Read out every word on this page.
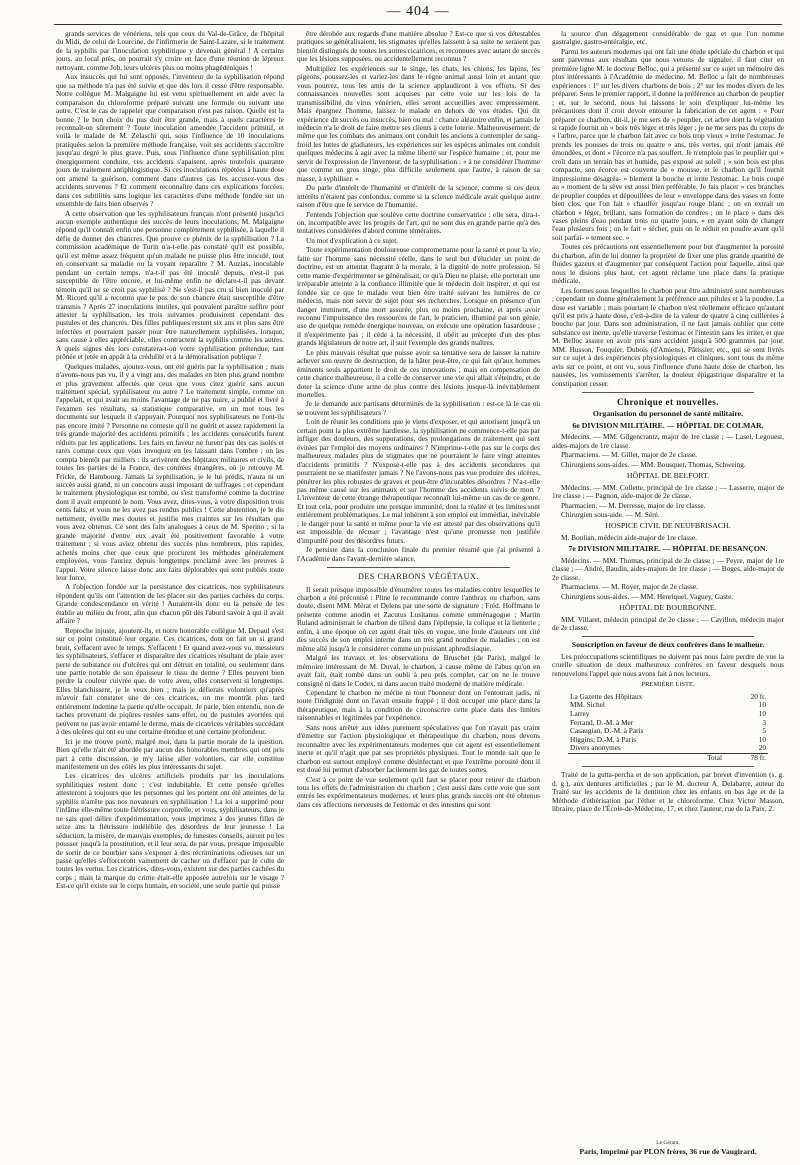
— 404 —

grands services de vénériens, tels que ceux du Val-de-Grâce, de l'hôpital du Midi, de celui de Lourcine, de l'infirmerie de Saint-Lazare, si le traitement de la syphilis par l'inoculation syphilitique y devenait général ! A certains jours, au local près, on pourrait s'y croire en face d'une réunion de lépreux nettoyant, comme Job, leurs ulcères plus ou moins phagédéniques !

Aux insuccès qui lui sont opposés, l'inventeur de la syphilisation répond que sa méthode n'a pas été suivie et que dès lors il cesse d'être responsable. Notre collègue M. Malgaigne lui est venu spirituellement en aide avec la comparaison du chloroforme préparé suivant une formule ou suivant une autre. C'est le cas de rappeler que comparaison n'est pas raison. Quelle est la bonne ? le bon choix du pus doit être grande, mais à quels caractères le reconnaît-on sûrement ? Toute inoculation amendée l'accident primitif, et voilà le malade de M. Zelaschi qui, sous l'influence de 10 inoculations pratiquées selon la première méthode française, voit ses accidents s'accroître jusqu'au degré le plus grave. Puis, sous l'influence d'une syphilisation plus énergiquement conduite, ces accidents s'apaisent, après toutefois quarante jours de traitement antiphlogistique. Si ces inoculations répétées à haute dose ont amené la guérison, comment dans d'autres cas les accusez-vous des accidents survenus ? Et comment reconnaître dans ces explications forcées, dans ces subtilités sans logique les caractères d'une méthode fondée sur un ensemble de faits bien observés ?

A cette observation que les syphilisateurs français n'ont présenté jusqu'ici aucun exemple authentique des succès de leurs inoculations, M. Malgaigne répond qu'il connaît enfin une personne complètement syphilisée, à laquelle il défie de donner des chancres. Que prouve ce phénix de la syphilisation ? La commission académique de Turin n'a-t-elle pas constaté qu'il est possible, qu'il est même assez fréquent qu'un malade ne puisse plus être inoculé, tout en conservant sa maladie ou la voyant reparaître ? M. Auzias, inoculable pendant un certain temps, n'a-t-il pas été inoculé depuis, n'est-il pas susceptible de l'être encore, et lui-même enfin ne déclare-t-il pas devant témoin qu'il ne se croit pas syphilisé ? Ne s'est-il pas cru si bien inoculé par M. Ricord qu'il a reconnu que le pus de son chancre était susceptible d'être transmis ? Après 27 inoculations inutiles, qui pouvaient paraître suffire pour attester la syphilisation, les trois suivantes produisirent cependant des pustules et des chancres. Des filles publiques restent six ans et plus sans être infectées et pourraient passer pour être naturellement syphilisées, lorsque, sans cause à elles appréciable, elles contractent la syphilis comme les autres. A quels signes dès lors constatera-t-on votre syphilisation prétendue, tant prônée et jetée en appât à la crédulité et à la démoralisation publique ?

Quelques malades, ajoutez-vous, ont été guéris par la syphilisation ; mais n'avons-nous pas vu, il y a vingt ans, des malades en bien plus grand nombre et plus gravement affectés que ceux que vous citez guérir sans aucun traitement spécial, syphilisateur ou autre ? Le traitement simple, comme on l'appelait, et qui avait au moins l'avantage de ne pas nuire, a publié et livré à l'examen ses résultats, sa statistique comparative, en un mot tous les documents sur lesquels il s'appuyait. Pourquoi nos syphilisateurs ne l'ont-ils pas encore imité ? Personne ne conteste qu'il ne guérit et assez rapidement la très grande majorité des accidents primitifs ; les accidents consécutifs furent réduits par les applications. Les faits en faveur ne furent pas des cas isolés et rares comme ceux que vous invoquez en les laissant dans l'ombre ; on les compta bientôt par milliers : ils arrivèrent des hôpitaux militaires et civils, de toutes les parties de la France, des contrées étrangères, où je retrouve M. Fricke, de Hambourg. Jamais la syphilisation, je le lui prédis, n'aura ni un succès aussi grand, ni un concours aussi imposant de suffrages ; et cependant le traitement physiologique est tombé, ou s'est transformé comme la doctrine dont il avait emprunté le nom. Vous avez, dites-vous, à votre disposition trois cents faits, et vous ne les avez pas rendus publics ! Cette abstention, je le dis nettement, éveille mes doutes et justifie mes craintes sur les résultats que vous avez obtenus. Ce sont des faits analogues à ceux de M. Sperino ; si la grande majorité d'entre eux avait été positivement favorable à votre traitement ; si vous aviez obtenu des succès plus nombreux, plus rapides, achetés moins cher que ceux que procurent les méthodes généralement employées, vous l'auriez depuis longtemps proclamé avec les preuves à l'appui. Votre silence laisse donc aux faits déplorables qui sont publiés toute leur force.

A l'objection fondée sur la persistance des cicatrices, nos syphilisateurs répondent qu'ils ont l'attention de les placer sur des parties cachées du corps. Grande condescendance en vérité ! Auraient-ils donc eu la pensée de les établir au milieu du front, afin que chacun pût dès l'abord savoir à qui il avait affaire ?

Reproche injuste, ajoutent-ils, et notre honorable collègue M. Depaul s'est sur ce point constitué leur organe. Ces cicatrices, dont on fait un si grand bruit, s'effacent avec le temps. S'effacent ! Et quand avez-vous vu, messieurs les syphilisateurs, s'effacer et disparaître des cicatrices résultant de plaie avec perte de substance ou d'ulcères qui ont détruit en totalité, ou seulement dans une partie notable de son épaisseur le tissu du derme ? Elles peuvent bien perdre la couleur cuivrée que, de votre aveu, elles conservent si longtemps. Elles blanchissent, je le veux bien ; mais je défierais volontiers qu'après m'avoir fait constater une de ces cicatrices, on me montrât plus tard entièrement indemne la partie qu'elle occupait. Je parle, bien entendu, non de taches provenant de piqûres restées sans effet, ou de pustules avortées qui peuvent ne pas avoir entamé le derme, mais de cicatrices véritables succédant à des ulcères qui ont eu une certaine étendue et une certaine profondeur.

Ici je me trouve porté, malgré moi, dans la partie morale de la question. Bien qu'elle n'ait été abordée par aucun des honorables membres qui ont pris part à cette discussion, je m'y laisse aller volontiers, car elle constitue manifestement un des côtés les plus intéressants du sujet.

Les cicatrices des ulcères artificiels produits par les inoculations syphilitiques restent donc ; c'est indubitable. Et cette pensée qu'elles attesteront à toujours que les personnes qui les portent ont été atteintes de la syphilis n'arrête pas nos novateurs en syphilisation ! La loi a supprimé pour l'infâme elle-même toute flétrissure corporelle, et vous, syphilisateurs, dans je ne sais quel délire d'expérimentation, vous imprimez à des jeunes filles de seize ans la flétrissure indélébile des désordres de leur jeunesse ! La séduction, la misère, de mauvais exemples, de funestes conseils, auront pu les pousser jusqu'à la prostitution, et il leur sera, de par vous, presque impossible de sortir de ce bourbier sans s'exposer à des récriminations odieuses sur un passé qu'elles s'efforceront vainement de cacher ou d'effacer par le culte de toutes les vertus. Les cicatrices, dites-vous, existent sur des parties cachées du corps ; mais la marque du crime était-elle apposée autrefois sur le visage ? Est-ce qu'il existe sur le corps humain, en société, une seule partie qui puisse

être dérobée aux regards d'une manière absolue ? Est-ce que si vos détestables pratiques se généralisaient, les stigmates qu'elles laissent à sa suite ne seraient pas bientôt distingués de toutes les autres cicatrices, et reconnues avec autant de succès que les lésions supposées, ou accidentellement reconnus ?

Multipliez les expériences sur le singe, les chats, les chiens, les lapins, les pigeons, poussez-les et variez-les dans le règne animal aussi loin et autant que vous pourrez, tous les amis de la science applaudiront à vos efforts. Si des connaissances nouvelles sont acquises par cette voie sur les lois de la transmissibilité du virus vénérien, elles seront accueillies avec empressement. Mais épargnez l'homme, laissez le malade en dehors de vos études. Qui dit expérience dit succès ou insuccès, bien ou mal : chance aléatoire enfin, et jamais le médecin n'a le droit de faire mettre ses clients à cette loterie. Malheureusement, de même que les combats des animaux ont conduit les anciens à contempler de sang-froid les luttes de gladiateurs, les expériences sur les espèces animales ont conduit quelques médecins à agir avec la même liberté sur l'espèce humaine ; et, pour me servir de l'expression de l'inventeur, de la syphilisation : « à ne considérer l'homme que comme un gros singe, plus difficile seulement que l'autre, à raison de sa masse, à syphiliser. »

Du parle d'intérêt de l'humanité et d'intérêt de la science, comme si ces deux intérêts n'étaient pas confondus, comme si la science médicale avait quelque autre raison d'être que le service de l'humanité.

J'entends l'objection que soulève cette doctrine conservatrice : elle sera, dira-t-on, incompatible avec les progrès de l'art, qui ne sont dus en grande partie qu'à des tentatives considérées d'abord comme téméraires.

Un mot d'explication à ce sujet.

Toute expérimentation douloureuse compromettante pour la santé et pour la vie, faite sur l'homme sans nécessité réelle, dans le seul but d'élucider un point de doctrine, est un attentat flagrant à la morale, à la dignité de notre profession. Si cette manie d'expérimenter se généralisait, ce qu'à Dieu ne plaise, elle porterait une irréparable atteinte à la confiance illimitée que le médecin doit inspirer, et qui est fondée sur ce que le malade veut bien être traité suivant les lumières de ce médecin, mais non servir de sujet pour ses recherches. Lorsque en présence d'un danger imminent, d'une mort assurée, plus ou moins prochaine, et après avoir reconnu l'impuissance des ressources de l'art, le praticien, illuminé par son génie, use de quelque remède énergique nouveau, on exécute une opération hasardeuse ; il n'expérimente pas ; il cède à la nécessité, il obéit au précepte d'un des plus grands législateurs de notre art, il suit l'exemple des grands maîtres.

Le plus mauvais résultat que puisse avoir sa tentative sera de laisser la nature achever son œuvre de destruction, de la hâter peut-être, ce qui fait qu'aux hommes éminents seuls appartient le droit de ces innovations ; mais en compensation de cette chance malheureuse, il a celle de conserver une vie qui allait s'éteindre, et de doter la science d'une arme de plus contre des lésions jusque-là inévitablement mortelles.

Je le demande aux partisans déterminés de la syphilisation : est-ce là le cas où se trouvent les syphilisateurs ?

Loin de réunir les conditions que je viens d'exposer, et qui autorisent jusqu'à un certain point la plus extrême hardiesse, la syphilisation ne commence-t-elle pas par infliger des douleurs, des suppurations, des prolongations de traitement qui sont évitées par l'emploi des moyens ordinaires ? N'imprime-t-elle pas sur le corps des malheureux malades plus de stigmates que ne pourraient le faire vingt atteintes d'accidents primitifs ? N'expose-t-elle pas à des accidents secondaires qui pourraient ne se manifester jamais ? Ne l'avons-nous pas vue produire des ulcères, pénétrer les plus robustes de graves et peut-être d'incurables désordres ? N'a-t-elle pas même causé sur les animaux et sur l'homme des accidents suivis de mort ? L'inventeur de cette étrange thérapeutique reconnaît lui-même un cas de ce genre. Et tout cela, pour produire une presque immunité, dont la réalité et les limites sont entièrement problématiques. Le mal inhérent à son emploi est immédiat, inévitable ; le danger pour la santé et même pour la vie est attesté par des observations qu'il est impossible de récuser ; l'avantage n'est qu'une promesse non justifiée d'impunité pour des désordres futurs.

Je persiste dans la conclusion finale du premier résumé que j'ai présenté à l'Académie dans l'avant-dernière séance.

DES CHARBONS VÉGÉTAUX.

Il serait presque impossible d'énumérer toutes les maladies contre lesquelles le charbon a été préconisé : Pline le recommande contre l'anthrax ou charbon, sans doute, disent MM. Mérat et Delens par une sorte de signature ; Fréd. Hoffmann le présente comme anodin et Zacutus Lusitanus comme emménagogue ; Martin Ruland administrait le charbon de tilleul dans l'épilepsie, la colique et la lienterie ; enfin, à une époque où cet agent était très en vogue, une foule d'auteurs ont cité des succès de son emploi interne dans un très grand nombre de maladies ; on est même allé jusqu'à le considérer comme un puissant aphrodisiaque.

Malgré les travaux et les observations de Bruschet (de Paris), malgré le mémoire intéressant de M. Duval, le charbon, à cause même de l'abus qu'on en avait fait, était tombé dans un oubli à peu près complet, car on ne le trouve consigné ni dans le Codex, ni dans aucun traité moderne de matière médicale.

Cependant le charbon ne mérite ni tout l'honneur dont on l'entourait jadis, ni toute l'indignité dont on l'avait ensuite frappé ; il doit occuper une place dans la thérapeutique, mais à la condition de circonscrire cette place dans des limites raisonnables et légitimées par l'expérience.

Sans nous arrêter aux idées purement spéculatives que l'on n'avait pas craint d'émettre sur l'action physiologique et thérapeutique du charbon, nous devons reconnaître avec les expérimentateurs modernes que cet agent est essentiellement inerte et qu'il n'agit que par ses propriétés physiques. Tout le monde sait que le charbon est surtout employé comme désinfectant et que l'extrême porosité dont il est doué lui permet d'absorber facilement les gaz de toutes sortes.

C'est à ce point de vue seulement qu'il faut se placer pour retirer du charbon tous les effets de l'administration du charbon ; c'est aussi dans cette voie que sont entrés les expérimentateurs modernes, et leurs plus grands succès ont été obtenus dans ces affections nerveuses de l'estomac et des intestins qui sont

la source d'un dégagement considérable de gaz et que l'on nomme gastralgie, gastro-entéralgie, etc.

Parmi les auteurs modernes qui ont fait une étude spéciale du charbon et qui sont parvenus aux résultats que nous venons de signaler, il faut citer en première ligne M. le docteur Belloc, qui a présenté sur ce sujet un mémoire des plus intéressants à l'Académie de médecine. M. Belloc a fait de nombreuses expériences : 1° sur les divers charbons de bois ; 2° sur les modes divers de les préparer. Sous le premier rapport, il donne la préférence au charbon de peuplier ; et, sur le second, nous lui laissons le soin d'expliquer lui-même les précautions dont il croit devoir entourer la fabrication de cet agent : « Pour préparer ce charbon, dit-il, je me sers de » peuplier, cet arbre dont la végétation si rapide fournit un » bois très léger et très léger ; je ne me sers pas du corps de » l'arbre, parce que le charbon fait avec ce bois trop vieux » irrite l'estomac. Je prends les pousses de trois ou quatre » ans, très vertes, qui n'ont jamais été émondées, et dont » l'écorce n'a pas souffert. Je n'emploie pas le peuplier qui » croît dans un terrain bas et humide, pas exposé au soleil ; » son bois est plus compacte, son écorce est couverte de » mousse, et le charbon qu'il fournit impressionne désagréa- » blement la bouche et irrite l'estomac. Le bois coupé au » moment de la sève est aussi bien préférable. Je fais placer » ces branches de peuplier coupées et dépouillées de leur » enveloppe dans des vases en fonte bien clos, que l'on fait » chauffer jusqu'au rouge blanc ; on en extrait un charbon » léger, brillant, sans formation de cendres ; on le place » dans des vases pleins d'eau pendant trois ou quatre jours, » en ayant soin de changer l'eau plusieurs fois ; on le fait » sécher, puis on le réduit en poudre avant qu'il soit parfai- » tement sec. »

Toutes ces précautions ont essentiellement pour but d'augmenter la porosité du charbon, afin de lui donner la propriété de fixer une plus grande quantité de fluides gazeux et d'augmenter par conséquent l'action pour laquelle, ainsi que nous le disions plus haut, cet agent réclame une place dans la pratique médicale.

Les formes sous lesquelles le charbon peut être administré sont nombreuses ; cependant on donne généralement la préférence aux pilules et à la poudre. La dose est variable ; mais pourtant le charbon n'est réellement efficace qu'autant qu'il est pris à haute dose, c'est-à-dire de la valeur de quatre à cinq cuillerées à bouche par jour. Dans son administration, il ne faut jamais oublier que cette substance est inerte, qu'elle traverse l'estomac et l'intestin sans les irriter, et que M. Belloc assure en avoir pris sans accident jusqu'à 500 grammes par jour. MM. Husson, Fouquier, Dubois (d'Amiens), Pâtissier, etc., qui se sont livrés sur ce sujet à des expériences physiologiques et cliniques, sont tous du même avis sur ce point, et ont vu, sous l'influence d'une haute dose de charbon, les nausées, les vomissements s'arrêter, la douleur épigastrique disparaître et la constipation cesser.

Chronique et nouvelles.
Organisation du personnel de santé militaire.
6e DIVISION MILITAIRE. — HÔPITAL DE COLMAR.

Médecins. — MM. Gilgencrantz, major de 1re classe ; — Lasel, Legouest, aides-majors de 1re classe.

Pharmaciens. — M. Gillet, major de 2e classe.

Chirurgiens sous-aides. — MM. Bousquet, Thomas, Schweing.

HÔPITAL DE BELFORT.

Médecins. — MM. Collette, principal de 1re classe ; — Lasserre, major de 1re classe ; — Pagnon, aide-major de 2e classe.

Pharmacien. — M. Derresse, major de 1re classe.

Chirurgien sous-aide. — M. Séré.

HOSPICE CIVIL DE NEUFBRISACH.

M. Boulian, médecin aide-major de 1re classe.

7e DIVISION MILITAIRE. — HÔPITAL DE BESANÇON.

Médecins. — MM. Thomas, principal de 2e classe ; — Peyre, major de 1re classe ; — André, Baudin, aides-majors de 1re classe ; — Boges, aide-major de 2e classe.

Pharmaciens. — M. Royer, major de 2e classe.

Chirurgiens sous-aides. — MM. Henriquel, Vaguey, Gaste.

HÔPITAL DE BOURBONNE.

MM. Villaret, médecin principal de 2e classe ; — Cavillon, médecin major de 2e classe.

Souscription en faveur de deux confrères dans le malheur.

Les préoccupations scientifiques ne doivent pas nous faire perdre de vue la cruelle situation de deux malheureux confrères en faveur desquels nous renouvelons l'appel que nous avons fait à nos lecteurs.

PREMIÈRE LISTE.
La Gazette des Hôpitaux	20 fr.
MM. Sichel	10
Larrey	10
Ferrand, D.-M. à Mer	3
Casaugian, D.-M. à Paris	5
Higgins, D.-M. à Paris	10
Divers anonymes	20
Total	78 fr.

Traité de la gutta-percha et de son application, par brevet d'invention (s. g. d. g.), aux dentures artificielles ; par le M. docteur A. Delabarre, auteur du Traité sur les accidents de la dentition chez les enfants en bas âge et de la Méthode d'éthérisation par l'éther et le chloroforme. Chez Victor Masson, libraire, place de l'École-de-Médecine, 17, et chez l'auteur, rue de la Paix, 2.

Le Gérant,
Paris, Imprimé par PLON frères, 36 rue de Vaugirard.
